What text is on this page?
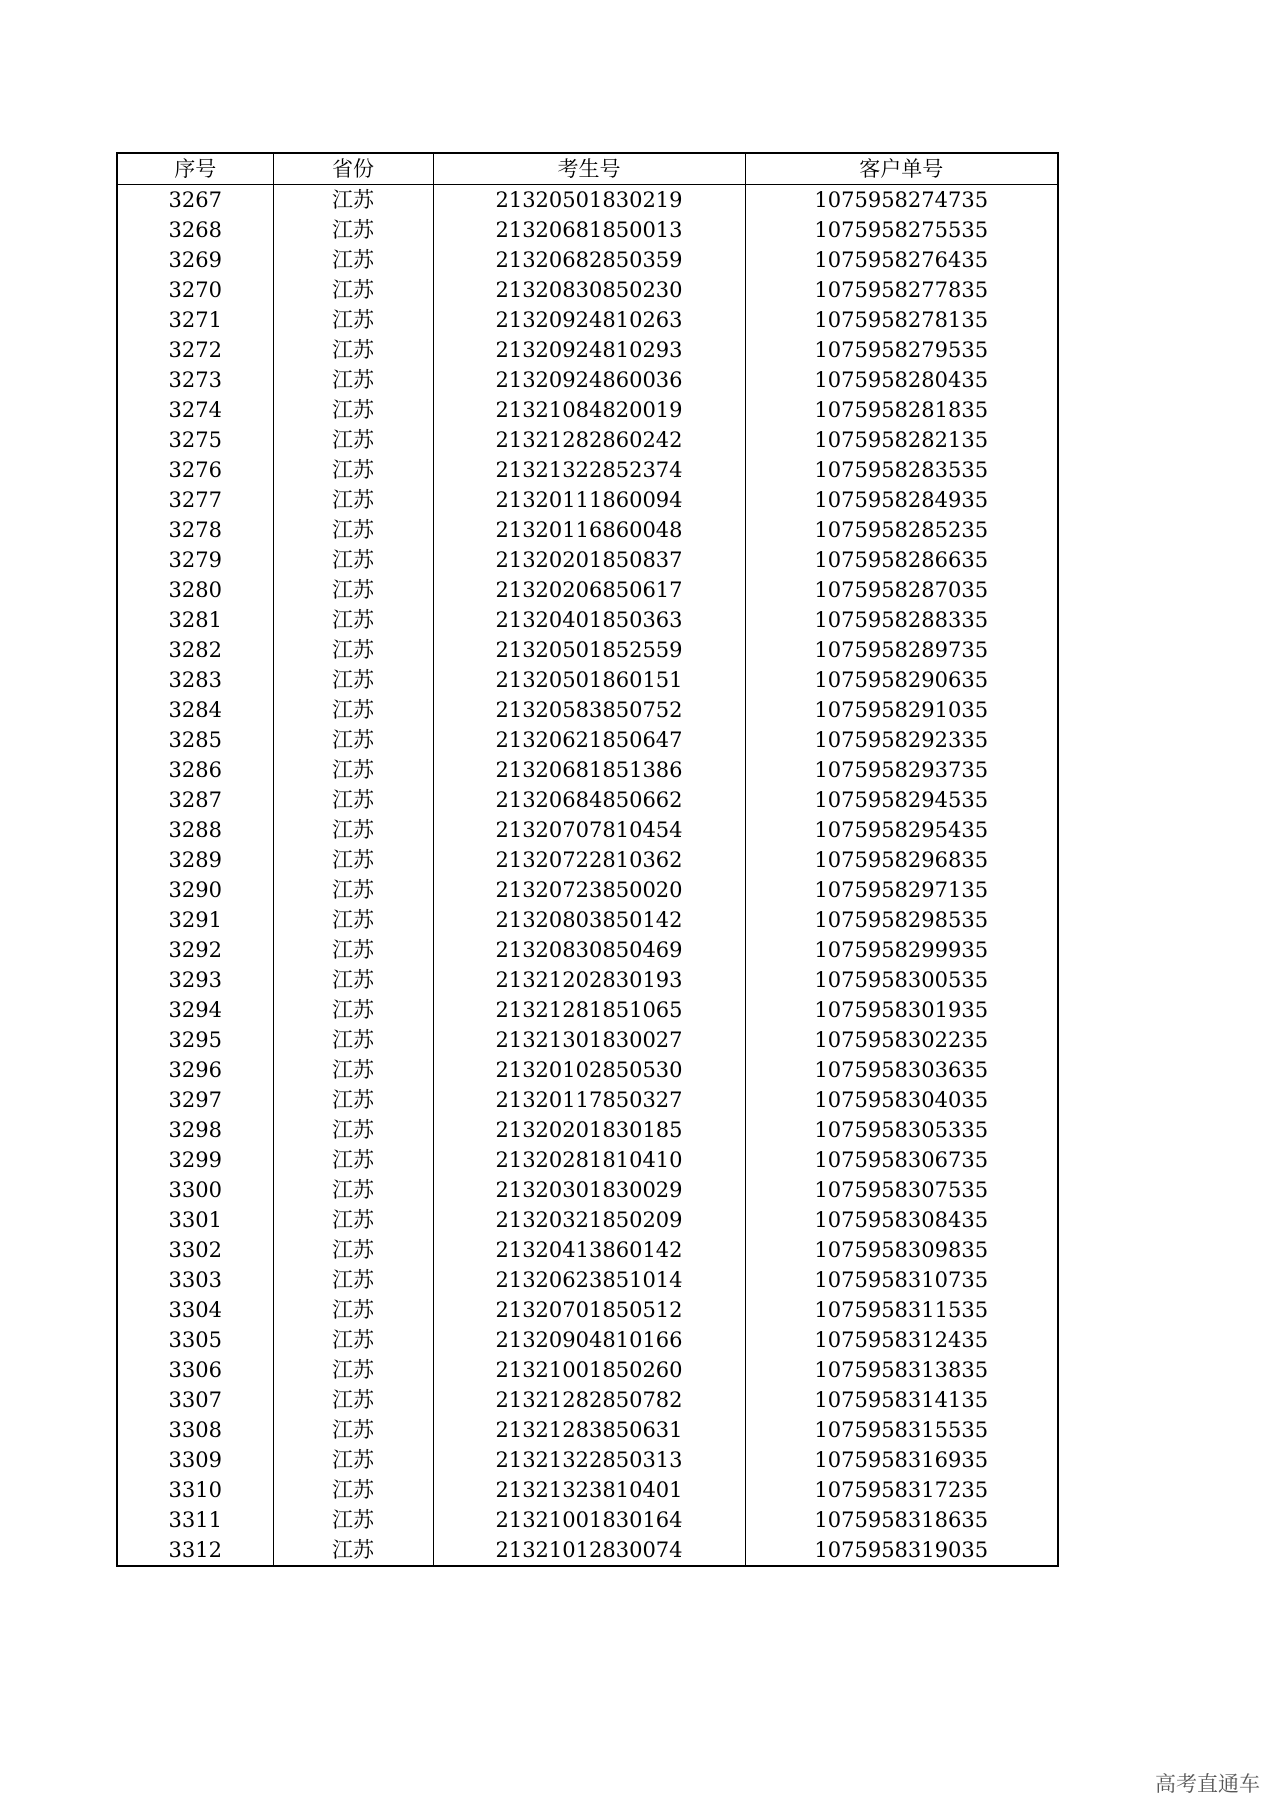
序号	省份	考生号	客户单号
3267	江苏	21320501830219	1075958274735
3268	江苏	21320681850013	1075958275535
3269	江苏	21320682850359	1075958276435
3270	江苏	21320830850230	1075958277835
3271	江苏	21320924810263	1075958278135
3272	江苏	21320924810293	1075958279535
3273	江苏	21320924860036	1075958280435
3274	江苏	21321084820019	1075958281835
3275	江苏	21321282860242	1075958282135
3276	江苏	21321322852374	1075958283535
3277	江苏	21320111860094	1075958284935
3278	江苏	21320116860048	1075958285235
3279	江苏	21320201850837	1075958286635
3280	江苏	21320206850617	1075958287035
3281	江苏	21320401850363	1075958288335
3282	江苏	21320501852559	1075958289735
3283	江苏	21320501860151	1075958290635
3284	江苏	21320583850752	1075958291035
3285	江苏	21320621850647	1075958292335
3286	江苏	21320681851386	1075958293735
3287	江苏	21320684850662	1075958294535
3288	江苏	21320707810454	1075958295435
3289	江苏	21320722810362	1075958296835
3290	江苏	21320723850020	1075958297135
3291	江苏	21320803850142	1075958298535
3292	江苏	21320830850469	1075958299935
3293	江苏	21321202830193	1075958300535
3294	江苏	21321281851065	1075958301935
3295	江苏	21321301830027	1075958302235
3296	江苏	21320102850530	1075958303635
3297	江苏	21320117850327	1075958304035
3298	江苏	21320201830185	1075958305335
3299	江苏	21320281810410	1075958306735
3300	江苏	21320301830029	1075958307535
3301	江苏	21320321850209	1075958308435
3302	江苏	21320413860142	1075958309835
3303	江苏	21320623851014	1075958310735
3304	江苏	21320701850512	1075958311535
3305	江苏	21320904810166	1075958312435
3306	江苏	21321001850260	1075958313835
3307	江苏	21321282850782	1075958314135
3308	江苏	21321283850631	1075958315535
3309	江苏	21321322850313	1075958316935
3310	江苏	21321323810401	1075958317235
3311	江苏	21321001830164	1075958318635
3312	江苏	21321012830074	1075958319035
高考直通车
